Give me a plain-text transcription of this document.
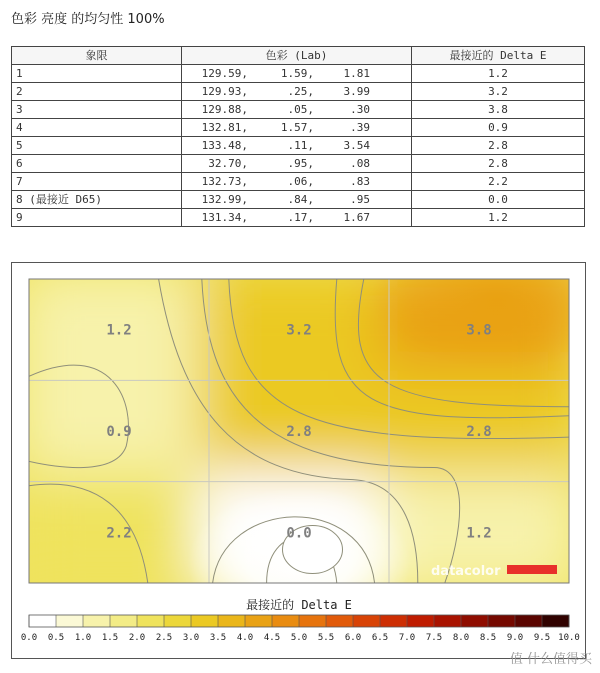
色彩 亮度 的均匀性 100%
象限	色彩 (Lab)	最接近的 Delta E
1	129.59, 1.59, 1.81	1.2
2	129.93, .25, 3.99	3.2
3	129.88, .05, .30	3.8
4	132.81, 1.57, .39	0.9
5	133.48, .11, 3.54	2.8
6	32.70, .95, .08	2.8
7	132.73, .06, .83	2.2
8 (最接近 D65)	132.99, .84, .95	0.0
9	131.34, .17, 1.67	1.2
1.2	3.2	3.8
0.9	2.8	2.8
2.2	0.0	1.2
datacolor
最接近的 Delta E
0.0 0.5 1.0 1.5 2.0 2.5 3.0 3.5 4.0 4.5 5.0 5.5 6.0 6.5 7.0 7.5 8.0 8.5 9.0 9.5 10.0
值 什么值得买
